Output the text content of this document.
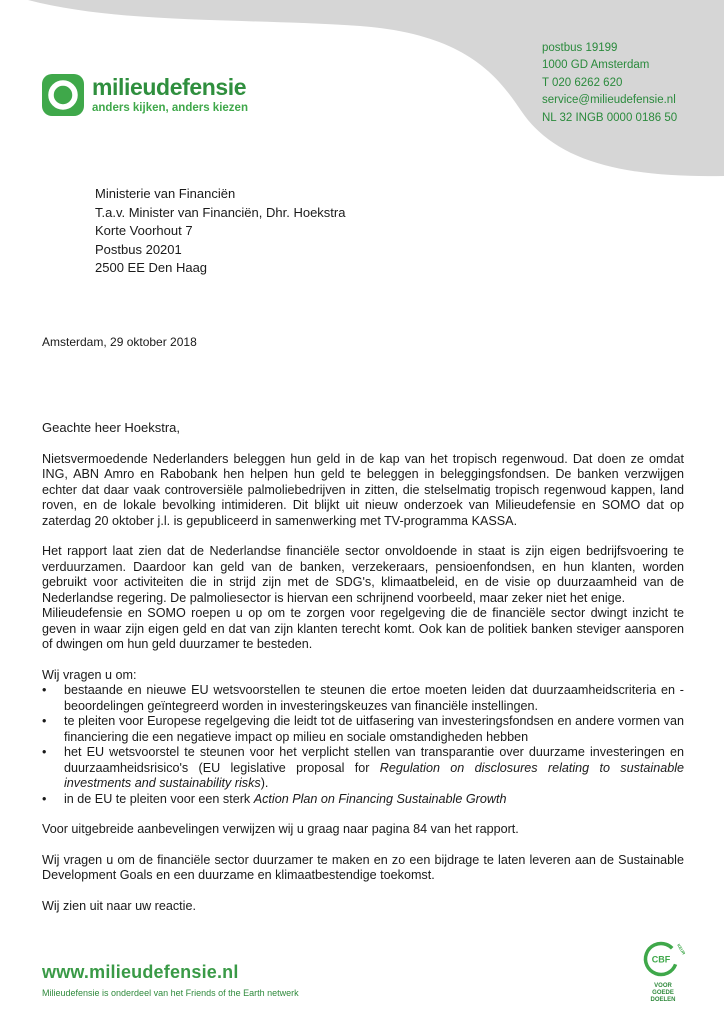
milieudefensie
anders kijken, anders kiezen
postbus 19199
1000 GD Amsterdam
T 020 6262 620
service@milieudefensie.nl
NL 32 INGB 0000 0186 50
Ministerie van Financiën
T.a.v. Minister van Financiën, Dhr. Hoekstra
Korte Voorhout 7
Postbus 20201
2500 EE Den Haag
Amsterdam, 29 oktober 2018

Geachte heer Hoekstra,

Nietsvermoedende Nederlanders beleggen hun geld in de kap van het tropisch regenwoud. Dat doen ze omdat ING, ABN Amro en Rabobank hen helpen hun geld te beleggen in beleggingsfondsen. De banken verzwijgen echter dat daar vaak controversiële palmoliebedrijven in zitten, die stelselmatig tropisch regenwoud kappen, land roven, en de lokale bevolking intimideren. Dit blijkt uit nieuw onderzoek van Milieudefensie en SOMO dat op zaterdag 20 oktober j.l. is gepubliceerd in samenwerking met TV-programma KASSA.

Het rapport laat zien dat de Nederlandse financiële sector onvoldoende in staat is zijn eigen bedrijfsvoering te verduurzamen. Daardoor kan geld van de banken, verzekeraars, pensioenfondsen, en hun klanten, worden gebruikt voor activiteiten die in strijd zijn met de SDG's, klimaatbeleid, en de visie op duurzaamheid van de Nederlandse regering. De palmoliesector is hiervan een schrijnend voorbeeld, maar zeker niet het enige.

Milieudefensie en SOMO roepen u op om te zorgen voor regelgeving die de financiële sector dwingt inzicht te geven in waar zijn eigen geld en dat van zijn klanten terecht komt. Ook kan de politiek banken steviger aansporen of dwingen om hun geld duurzamer te besteden.

Wij vragen u om:

• bestaande en nieuwe EU wetsvoorstellen te steunen die ertoe moeten leiden dat duurzaamheidscriteria en -beoordelingen geïntegreerd worden in investeringskeuzes van financiële instellingen.
• te pleiten voor Europese regelgeving die leidt tot de uitfasering van investeringsfondsen en andere vormen van financiering die een negatieve impact op milieu en sociale omstandigheden hebben
• het EU wetsvoorstel te steunen voor het verplicht stellen van transparantie over duurzame investeringen en duurzaamheidsrisico's (EU legislative proposal for Regulation on disclosures relating to sustainable investments and sustainability risks).
• in de EU te pleiten voor een sterk Action Plan on Financing Sustainable Growth

Voor uitgebreide aanbevelingen verwijzen wij u graag naar pagina 84 van het rapport.

Wij vragen u om de financiële sector duurzamer te maken en zo een bijdrage te laten leveren aan de Sustainable Development Goals en een duurzame en klimaatbestendige toekomst.

Wij zien uit naar uw reactie.

www.milieudefensie.nl
Milieudefensie is onderdeel van het Friends of the Earth netwerk
CBF
KEUR
VOOR
GOEDE DOELEN
